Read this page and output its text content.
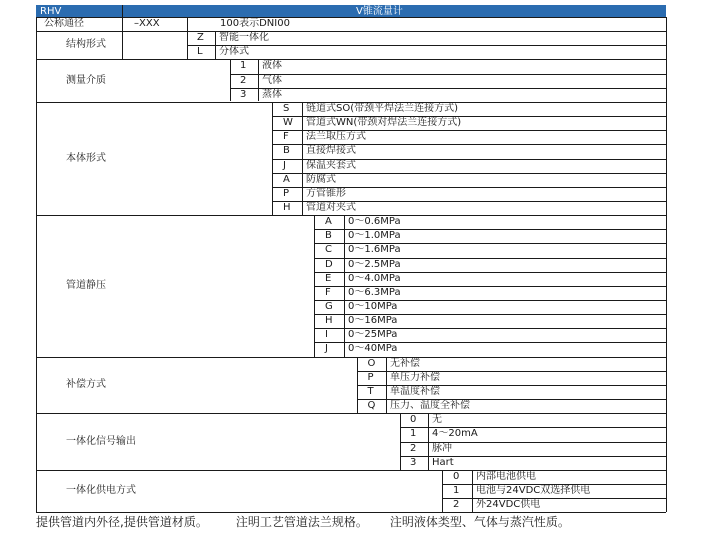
RHV	V锥流量计
公称通径	–XXX	100表示DNI00
结构形式
Z 智能一体化
L 分体式
测量介质
1 液体
2 气体
3 蒸体
本体形式
S 链道式SO(带颈平焊法兰连接方式)
W 管道式WN(带颈对焊法兰连接方式)
F 法兰取压方式
B 直接焊接式
J 保温夹套式
A 防腐式
P 方管锥形
H 管道对夹式
管道静压
A 0～0.6MPa
B 0～1.0MPa
C 0～1.6MPa
D 0～2.5MPa
E 0～4.0MPa
F 0～6.3MPa
G 0～10MPa
H 0～16MPa
I 0～25MPa
J 0～40MPa
补偿方式
O 无补偿
P 单压力补偿
T 单温度补偿
Q 压力、温度全补偿
一体化信号输出
0 无
1 4～20mA
2 脉冲
3 Hart
一体化供电方式
0 内部电池供电
1 电池与24VDC双选择供电
2 外24VDC供电
提供管道内外径,提供管道材质。 注明工艺管道法兰规格。 注明液体类型、气体与蒸汽性质。
